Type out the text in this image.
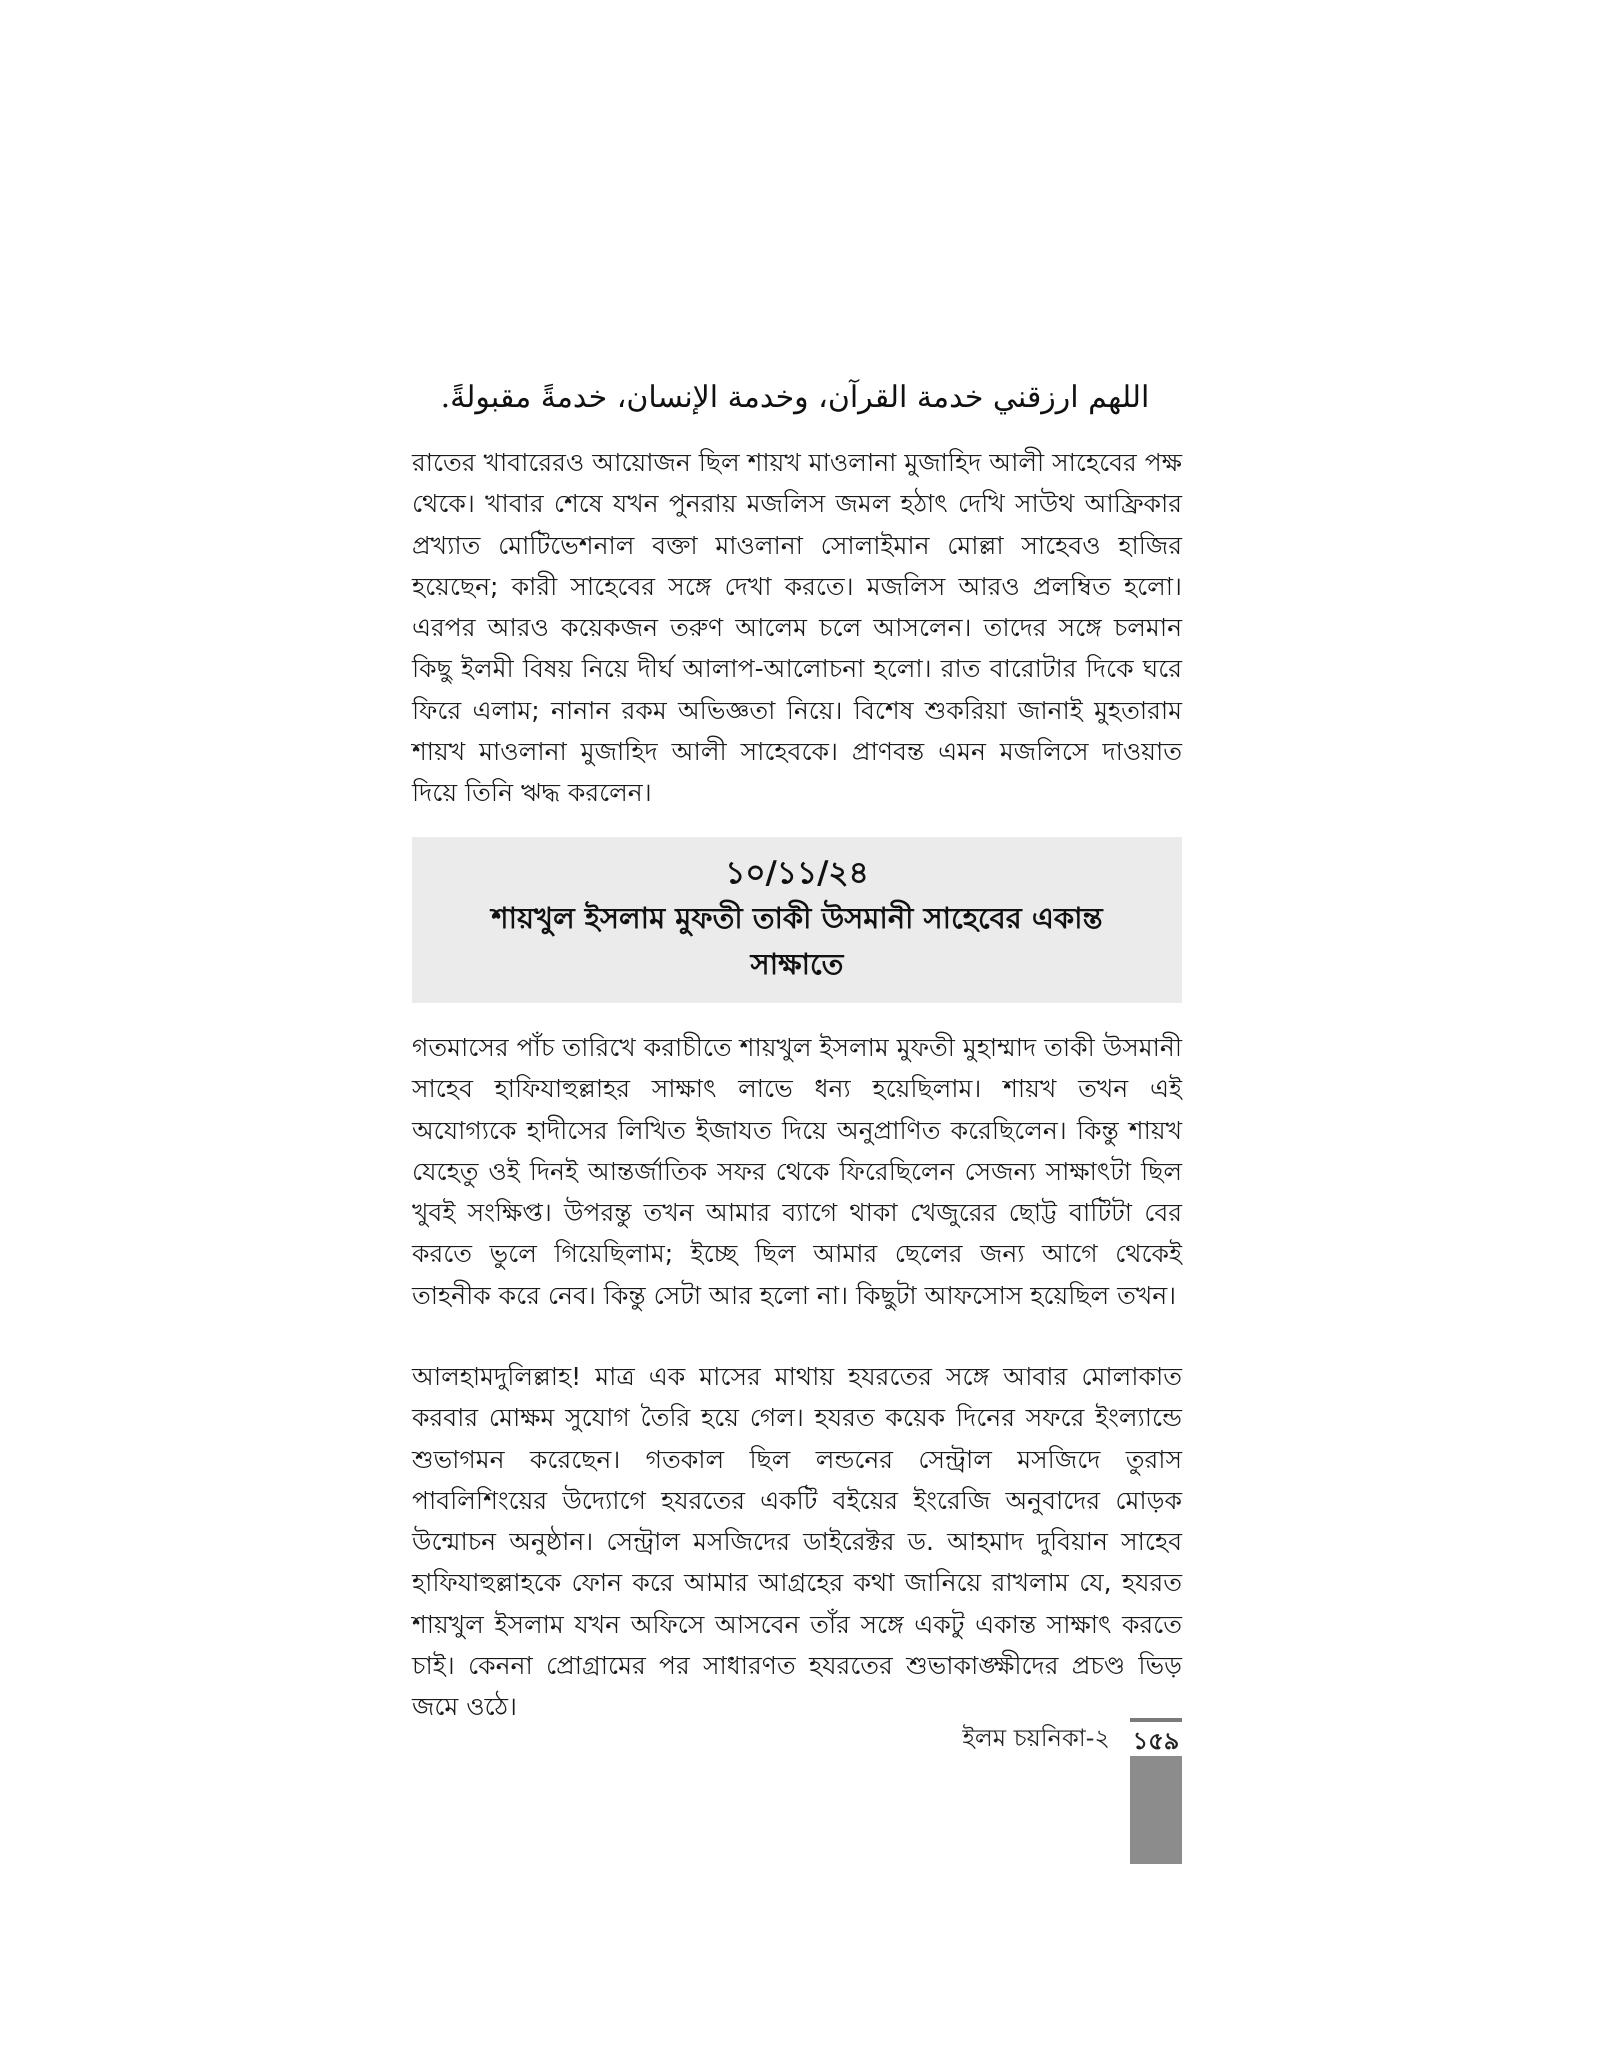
اللهم ارزقني خدمة القرآن، وخدمة الإنسان، خدمةً مقبولةً.

রাতের খাবারেরও আয়োজন ছিল শায়খ মাওলানা মুজাহিদ আলী সাহেবের পক্ষ থেকে। খাবার শেষে যখন পুনরায় মজলিস জমল হঠাৎ দেখি সাউথ আফ্রিকার প্রখ্যাত মোটিভেশনাল বক্তা মাওলানা সোলাইমান মোল্লা সাহেবও হাজির হয়েছেন; কারী সাহেবের সঙ্গে দেখা করতে। মজলিস আরও প্রলম্বিত হলো। এরপর আরও কয়েকজন তরুণ আলেম চলে আসলেন। তাদের সঙ্গে চলমান কিছু ইলমী বিষয় নিয়ে দীর্ঘ আলাপ-আলোচনা হলো। রাত বারোটার দিকে ঘরে ফিরে এলাম; নানান রকম অভিজ্ঞতা নিয়ে। বিশেষ শুকরিয়া জানাই মুহতারাম শায়খ মাওলানা মুজাহিদ আলী সাহেবকে। প্রাণবন্ত এমন মজলিসে দাওয়াত দিয়ে তিনি ঋদ্ধ করলেন।

১০/১১/২৪
শায়খুল ইসলাম মুফতী তাকী উসমানী সাহেবের একান্ত সাক্ষাতে

গতমাসের পাঁচ তারিখে করাচীতে শায়খুল ইসলাম মুফতী মুহাম্মাদ তাকী উসমানী সাহেব হাফিযাহুল্লাহর সাক্ষাৎ লাভে ধন্য হয়েছিলাম। শায়খ তখন এই অযোগ্যকে হাদীসের লিখিত ইজাযত দিয়ে অনুপ্রাণিত করেছিলেন। কিন্তু শায়খ যেহেতু ওই দিনই আন্তর্জাতিক সফর থেকে ফিরেছিলেন সেজন্য সাক্ষাৎটা ছিল খুবই সংক্ষিপ্ত। উপরন্তু তখন আমার ব্যাগে থাকা খেজুরের ছোট্ট বাটিটা বের করতে ভুলে গিয়েছিলাম; ইচ্ছে ছিল আমার ছেলের জন্য আগে থেকেই তাহনীক করে নেব। কিন্তু সেটা আর হলো না। কিছুটা আফসোস হয়েছিল তখন।

আলহামদুলিল্লাহ! মাত্র এক মাসের মাথায় হযরতের সঙ্গে আবার মোলাকাত করবার মোক্ষম সুযোগ তৈরি হয়ে গেল। হযরত কয়েক দিনের সফরে ইংল্যান্ডে শুভাগমন করেছেন। গতকাল ছিল লন্ডনের সেন্ট্রাল মসজিদে তুরাস পাবলিশিংয়ের উদ্যোগে হযরতের একটি বইয়ের ইংরেজি অনুবাদের মোড়ক উন্মোচন অনুষ্ঠান। সেন্ট্রাল মসজিদের ডাইরেক্টর ড. আহমাদ দুবিয়ান সাহেব হাফিযাহুল্লাহকে ফোন করে আমার আগ্রহের কথা জানিয়ে রাখলাম যে, হযরত শায়খুল ইসলাম যখন অফিসে আসবেন তাঁর সঙ্গে একটু একান্ত সাক্ষাৎ করতে চাই। কেননা প্রোগ্রামের পর সাধারণত হযরতের শুভাকাঙ্ক্ষীদের প্রচণ্ড ভিড় জমে ওঠে।

ইলম চয়নিকা-২ ১৫৯
